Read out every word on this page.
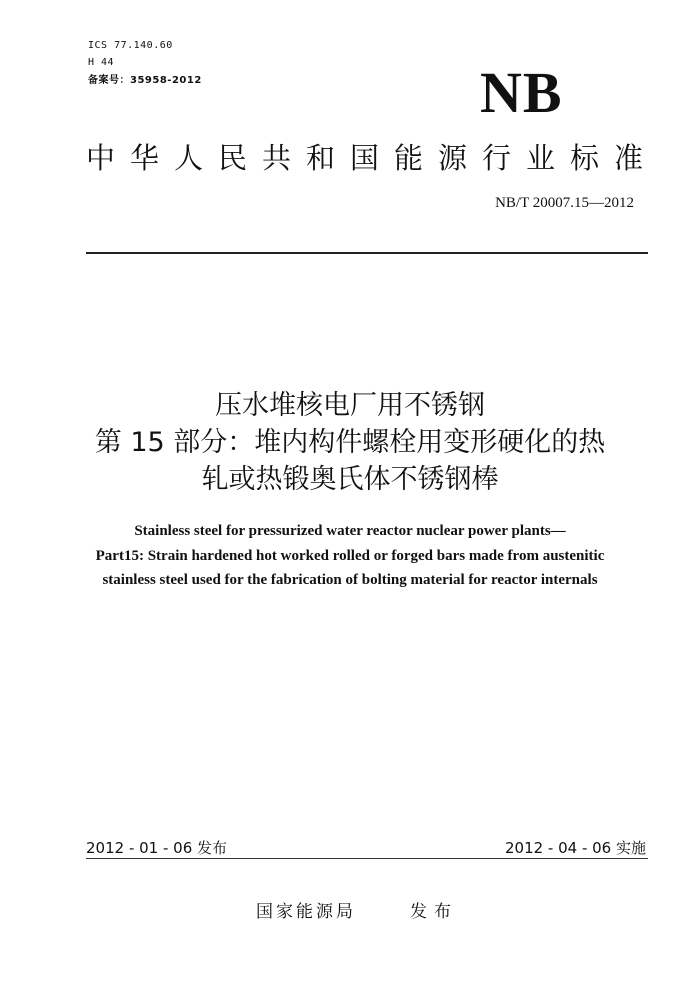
ICS 77.140.60
H 44
备案号：35958-2012	NB
中华人民共和国能源行业标准
NB/T 20007.15—2012
压水堆核电厂用不锈钢
第 15 部分：堆内构件螺栓用变形硬化的热
轧或热锻奥氏体不锈钢棒
Stainless steel for pressurized water reactor nuclear power plants—
Part15: Strain hardened hot worked rolled or forged bars made from austenitic
stainless steel used for the fabrication of bolting material for reactor internals
2012 - 01 - 06 发布	2012 - 04 - 06 实施
国家能源局	发布
